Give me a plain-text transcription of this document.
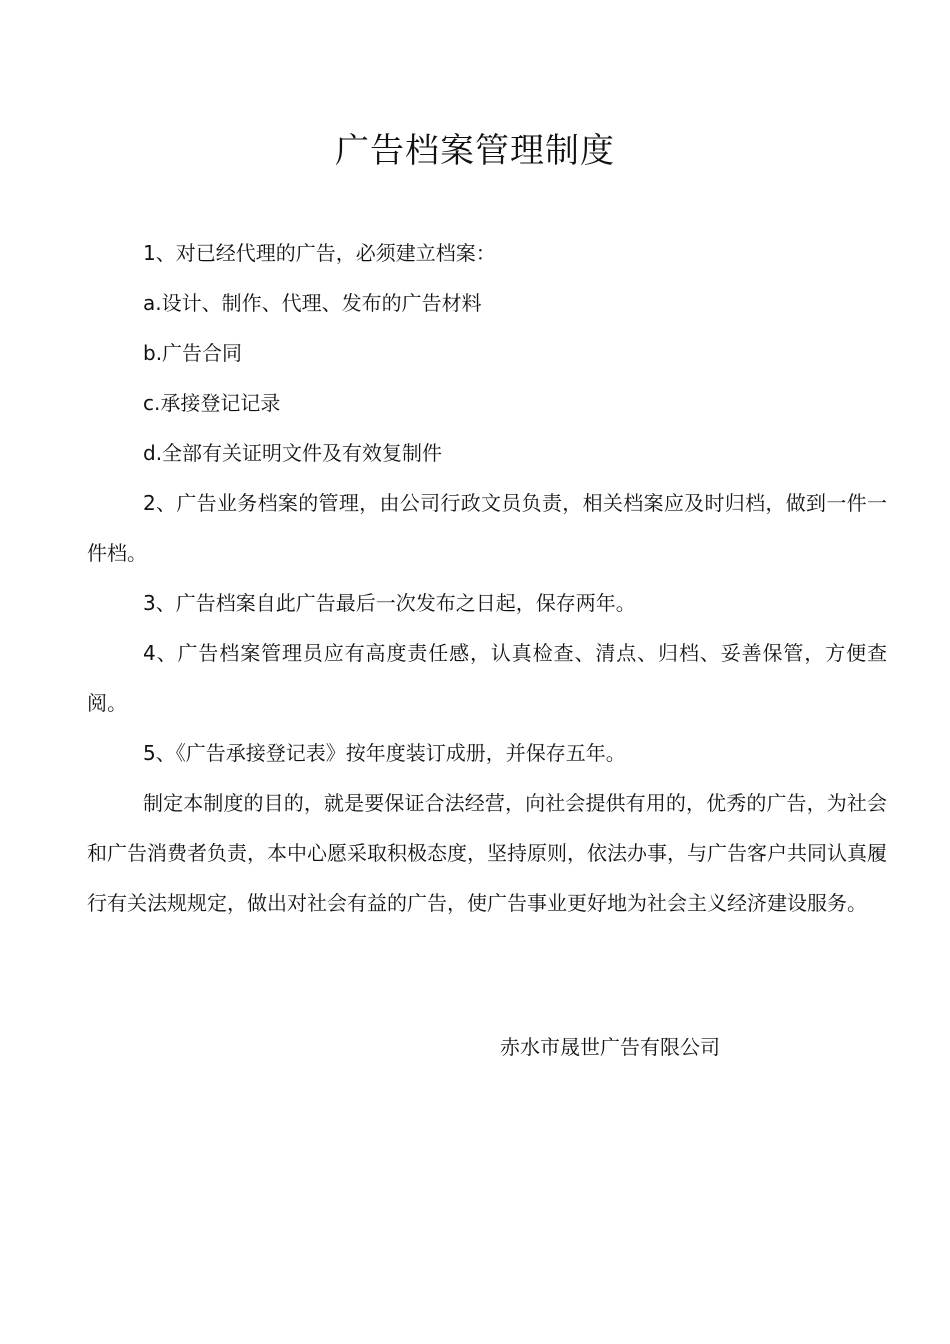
广告档案管理制度

1、对已经代理的广告，必须建立档案：

a.设计、制作、代理、发布的广告材料

b.广告合同

c.承接登记记录

d.全部有关证明文件及有效复制件

2、广告业务档案的管理，由公司行政文员负责，相关档案应及时归档，做到一件一件档。

3、广告档案自此广告最后一次发布之日起，保存两年。

4、广告档案管理员应有高度责任感，认真检查、清点、归档、妥善保管，方便查阅。

5、《广告承接登记表》按年度装订成册，并保存五年。

制定本制度的目的，就是要保证合法经营，向社会提供有用的，优秀的广告，为社会和广告消费者负责，本中心愿采取积极态度，坚持原则，依法办事，与广告客户共同认真履行有关法规规定，做出对社会有益的广告，使广告事业更好地为社会主义经济建设服务。

赤水市晟世广告有限公司
